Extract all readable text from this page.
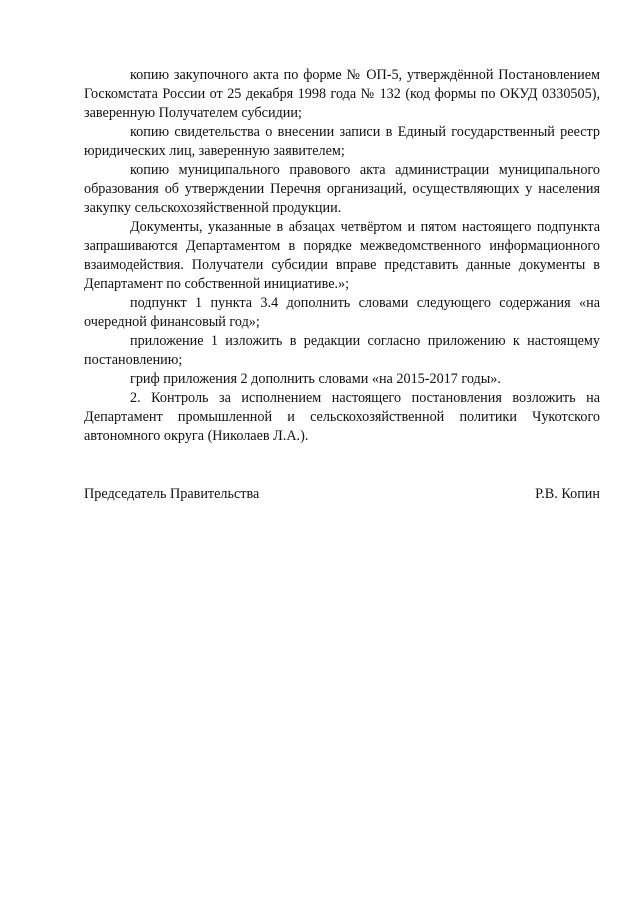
копию закупочного акта по форме № ОП-5, утверждённой Постановлением Госкомстата России от 25 декабря 1998 года № 132 (код формы по ОКУД 0330505), заверенную Получателем субсидии;

копию свидетельства о внесении записи в Единый государственный реестр юридических лиц, заверенную заявителем;

копию муниципального правового акта администрации муниципального образования об утверждении Перечня организаций, осуществляющих у населения закупку сельскохозяйственной продукции.

Документы, указанные в абзацах четвёртом и пятом настоящего подпункта запрашиваются Департаментом в порядке межведомственного информационного взаимодействия. Получатели субсидии вправе представить данные документы в Департамент по собственной инициативе.»;

подпункт 1 пункта 3.4 дополнить словами следующего содержания «на очередной финансовый год»;

приложение 1 изложить в редакции согласно приложению к настоящему постановлению;

гриф приложения 2 дополнить словами «на 2015-2017 годы».

2. Контроль за исполнением настоящего постановления возложить на Департамент промышленной и сельскохозяйственной политики Чукотского автономного округа (Николаев Л.А.).

Председатель Правительства	Р.В. Копин
